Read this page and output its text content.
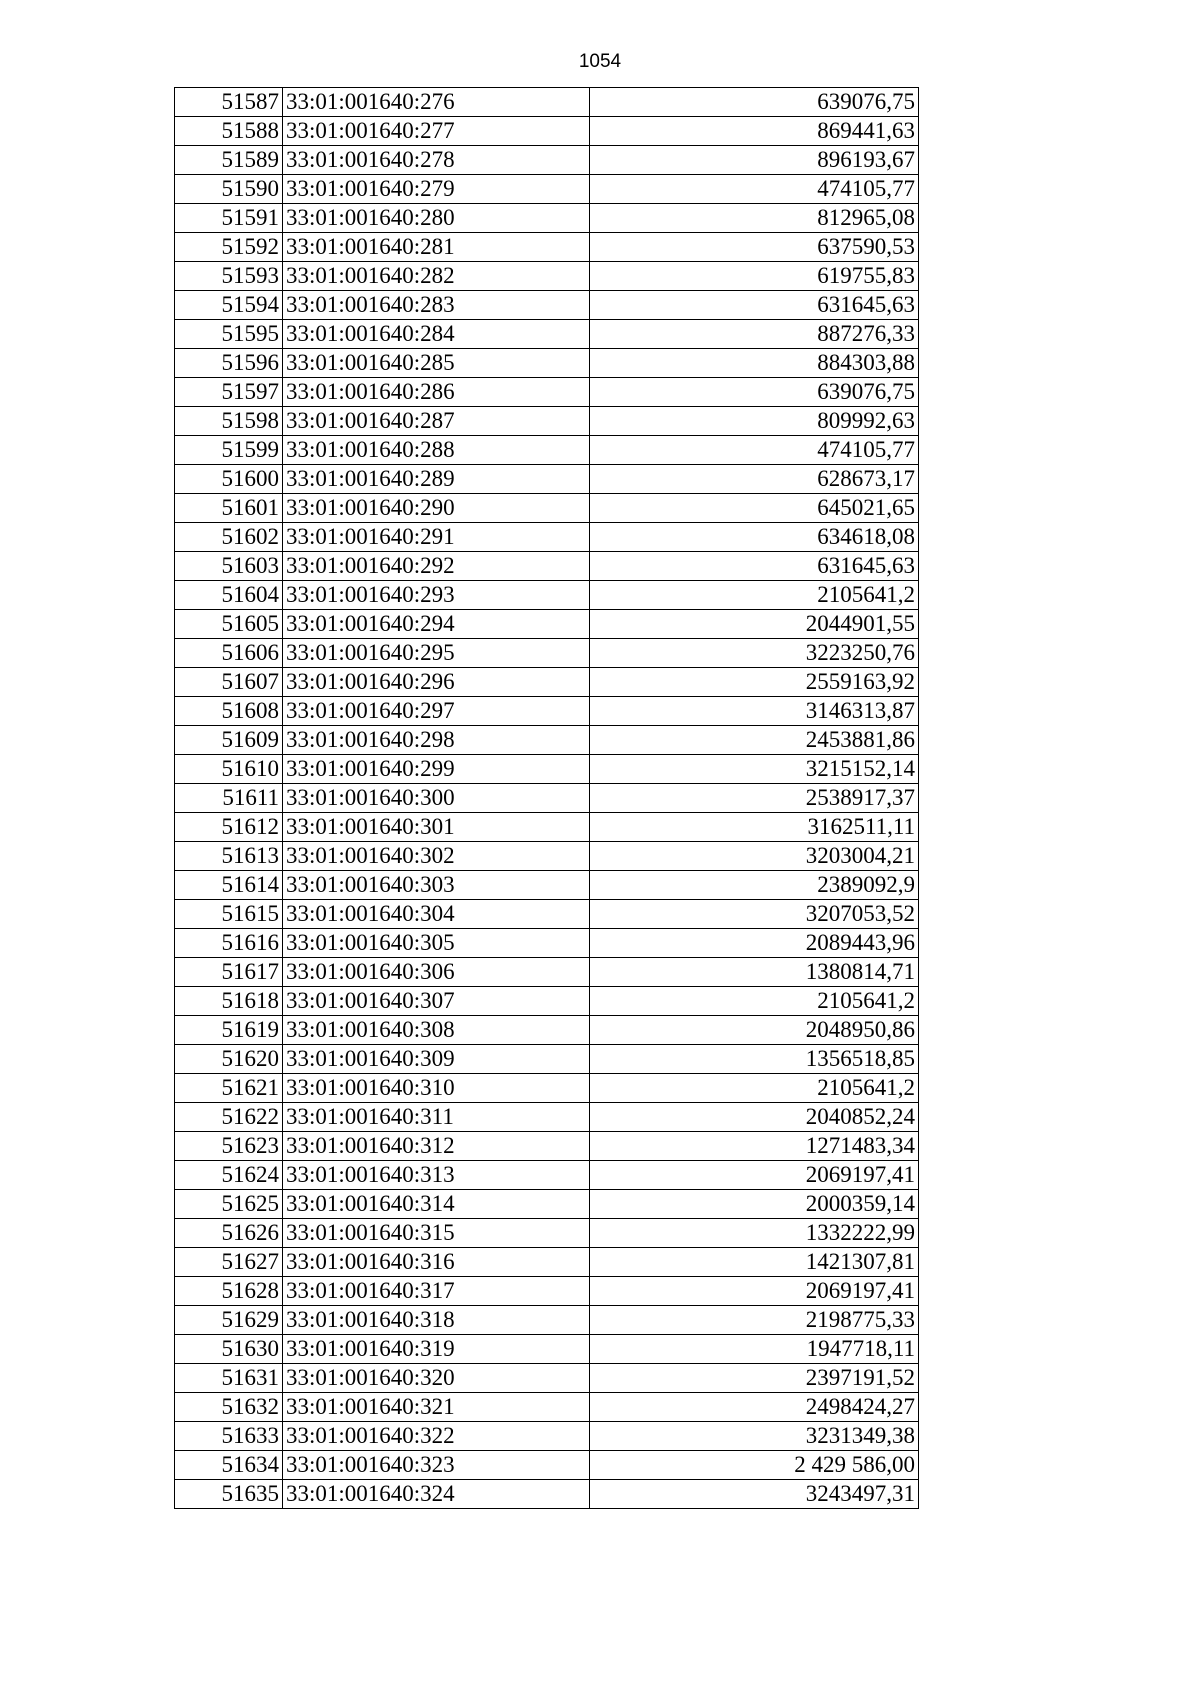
1054
51587	33:01:001640:276	639076,75
51588	33:01:001640:277	869441,63
51589	33:01:001640:278	896193,67
51590	33:01:001640:279	474105,77
51591	33:01:001640:280	812965,08
51592	33:01:001640:281	637590,53
51593	33:01:001640:282	619755,83
51594	33:01:001640:283	631645,63
51595	33:01:001640:284	887276,33
51596	33:01:001640:285	884303,88
51597	33:01:001640:286	639076,75
51598	33:01:001640:287	809992,63
51599	33:01:001640:288	474105,77
51600	33:01:001640:289	628673,17
51601	33:01:001640:290	645021,65
51602	33:01:001640:291	634618,08
51603	33:01:001640:292	631645,63
51604	33:01:001640:293	2105641,2
51605	33:01:001640:294	2044901,55
51606	33:01:001640:295	3223250,76
51607	33:01:001640:296	2559163,92
51608	33:01:001640:297	3146313,87
51609	33:01:001640:298	2453881,86
51610	33:01:001640:299	3215152,14
51611	33:01:001640:300	2538917,37
51612	33:01:001640:301	3162511,11
51613	33:01:001640:302	3203004,21
51614	33:01:001640:303	2389092,9
51615	33:01:001640:304	3207053,52
51616	33:01:001640:305	2089443,96
51617	33:01:001640:306	1380814,71
51618	33:01:001640:307	2105641,2
51619	33:01:001640:308	2048950,86
51620	33:01:001640:309	1356518,85
51621	33:01:001640:310	2105641,2
51622	33:01:001640:311	2040852,24
51623	33:01:001640:312	1271483,34
51624	33:01:001640:313	2069197,41
51625	33:01:001640:314	2000359,14
51626	33:01:001640:315	1332222,99
51627	33:01:001640:316	1421307,81
51628	33:01:001640:317	2069197,41
51629	33:01:001640:318	2198775,33
51630	33:01:001640:319	1947718,11
51631	33:01:001640:320	2397191,52
51632	33:01:001640:321	2498424,27
51633	33:01:001640:322	3231349,38
51634	33:01:001640:323	2 429 586,00
51635	33:01:001640:324	3243497,31
